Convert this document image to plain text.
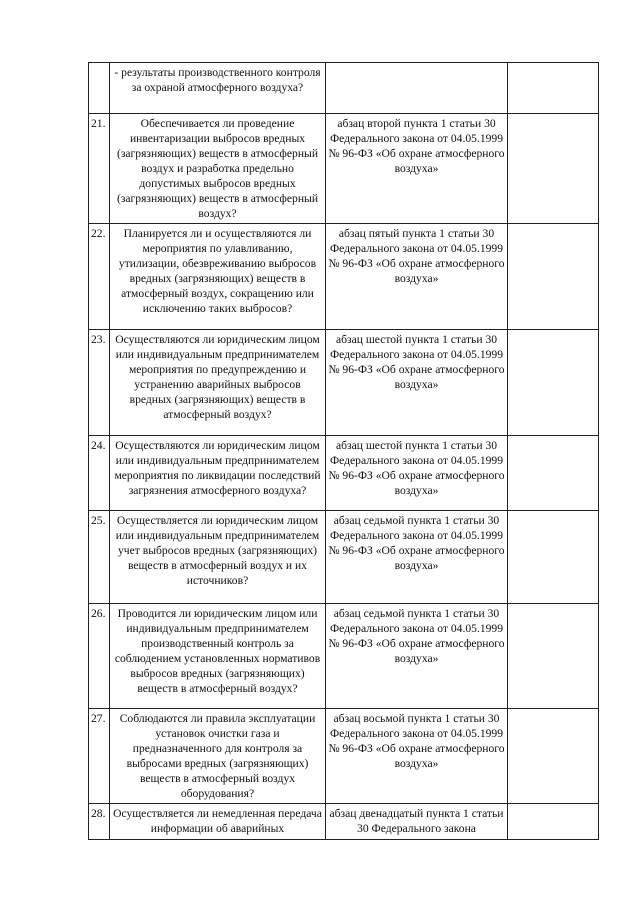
	- результаты производственного контроля за охраной атмосферного воздуха?		
21.	Обеспечивается ли проведение инвентаризации выбросов вредных (загрязняющих) веществ в атмосферный воздух и разработка предельно допустимых выбросов вредных (загрязняющих) веществ в атмосферный воздух?	абзац второй пункта 1 статьи 30 Федерального закона от 04.05.1999 № 96-ФЗ «Об охране атмосферного воздуха»	
22.	Планируется ли и осуществляются ли мероприятия по улавливанию, утилизации, обезвреживанию выбросов вредных (загрязняющих) веществ в атмосферный воздух, сокращению или исключению таких выбросов?	абзац пятый пункта 1 статьи 30 Федерального закона от 04.05.1999 № 96-ФЗ «Об охране атмосферного воздуха»	
23.	Осуществляются ли юридическим лицом или индивидуальным предпринимателем мероприятия по предупреждению и устранению аварийных выбросов вредных (загрязняющих) веществ в атмосферный воздух?	абзац шестой пункта 1 статьи 30 Федерального закона от 04.05.1999 № 96-ФЗ «Об охране атмосферного воздуха»	
24.	Осуществляются ли юридическим лицом или индивидуальным предпринимателем мероприятия по ликвидации последствий загрязнения атмосферного воздуха?	абзац шестой пункта 1 статьи 30 Федерального закона от 04.05.1999 № 96-ФЗ «Об охране атмосферного воздуха»	
25.	Осуществляется ли юридическим лицом или индивидуальным предпринимателем учет выбросов вредных (загрязняющих) веществ в атмосферный воздух и их источников?	абзац седьмой пункта 1 статьи 30 Федерального закона от 04.05.1999 № 96-ФЗ «Об охране атмосферного воздуха»	
26.	Проводится ли юридическим лицом или индивидуальным предпринимателем производственный контроль за соблюдением установленных нормативов выбросов вредных (загрязняющих) веществ в атмосферный воздух?	абзац седьмой пункта 1 статьи 30 Федерального закона от 04.05.1999 № 96-ФЗ «Об охране атмосферного воздуха»	
27.	Соблюдаются ли правила эксплуатации установок очистки газа и предназначенного для контроля за выбросами вредных (загрязняющих) веществ в атмосферный воздух оборудования?	абзац восьмой пункта 1 статьи 30 Федерального закона от 04.05.1999 № 96-ФЗ «Об охране атмосферного воздуха»	
28.	Осуществляется ли немедленная передача информации об аварийных	абзац двенадцатый пункта 1 статьи 30 Федерального закона	
